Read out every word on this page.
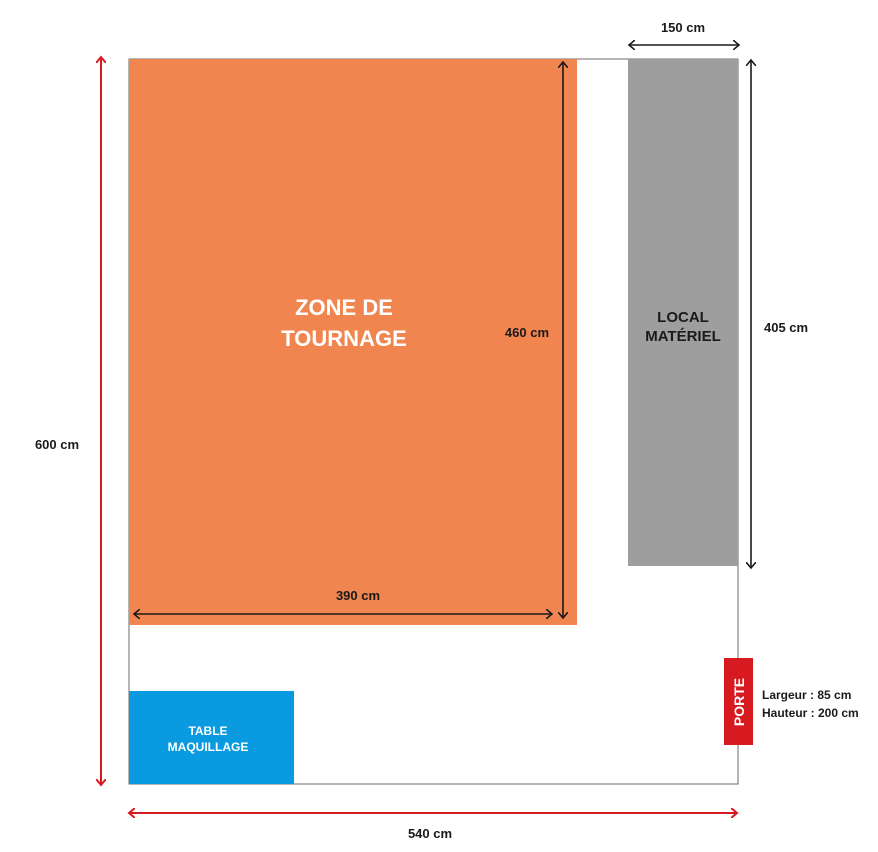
ZONE DE
TOURNAGE	460 cm
390 cm
LOCAL
MATÉRIEL
150 cm
405 cm
TABLE
MAQUILLAGE
PORTE Largeur : 85 cm
Hauteur : 200 cm
600 cm
540 cm
